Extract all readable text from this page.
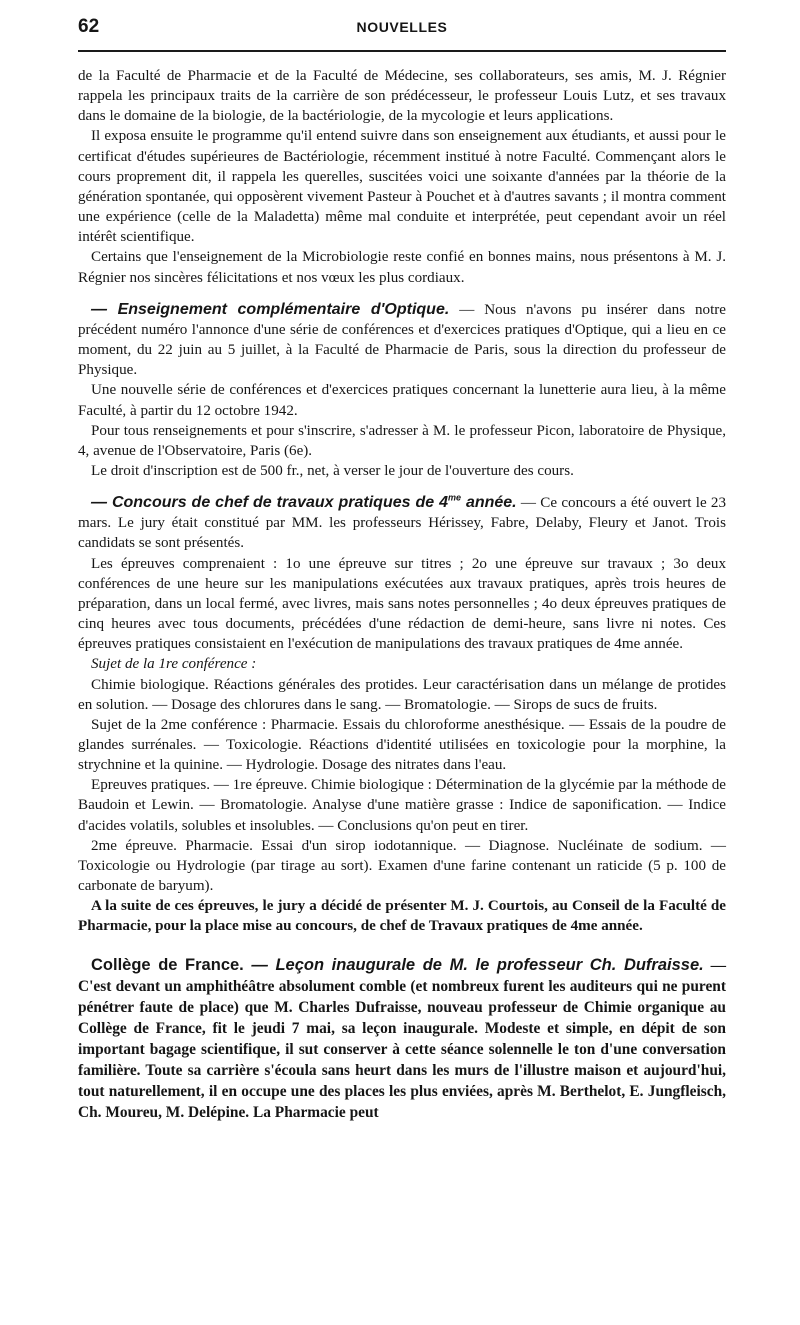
62	NOUVELLES

de la Faculté de Pharmacie et de la Faculté de Médecine, ses collaborateurs, ses amis, M. J. Régnier rappela les principaux traits de la carrière de son prédécesseur, le professeur Louis Lutz, et ses travaux dans le domaine de la biologie, de la bactériologie, de la mycologie et leurs applications.

Il exposa ensuite le programme qu'il entend suivre dans son enseignement aux étudiants, et aussi pour le certificat d'études supérieures de Bactériologie, récemment institué à notre Faculté. Commençant alors le cours proprement dit, il rappela les querelles, suscitées voici une soixante d'années par la théorie de la génération spontanée, qui opposèrent vivement Pasteur à Pouchet et à d'autres savants ; il montra comment une expérience (celle de la Maladetta) même mal conduite et interprétée, peut cependant avoir un réel intérêt scientifique.

Certains que l'enseignement de la Microbiologie reste confié en bonnes mains, nous présentons à M. J. Régnier nos sincères félicitations et nos vœux les plus cordiaux.

— Enseignement complémentaire d'Optique. — Nous n'avons pu insérer dans notre précédent numéro l'annonce d'une série de conférences et d'exercices pratiques d'Optique, qui a lieu en ce moment, du 22 juin au 5 juillet, à la Faculté de Pharmacie de Paris, sous la direction du professeur de Physique.

Une nouvelle série de conférences et d'exercices pratiques concernant la lunetterie aura lieu, à la même Faculté, à partir du 12 octobre 1942.

Pour tous renseignements et pour s'inscrire, s'adresser à M. le professeur Picon, laboratoire de Physique, 4, avenue de l'Observatoire, Paris (6e).

Le droit d'inscription est de 500 fr., net, à verser le jour de l'ouverture des cours.

— Concours de chef de travaux pratiques de $4^{me}$ année. — Ce concours a été ouvert le 23 mars. Le jury était constitué par MM. les professeurs Hérissey, Fabre, Delaby, Fleury et Janot. Trois candidats se sont présentés.

Les épreuves comprenaient : 1o une épreuve sur titres ; 2o une épreuve sur travaux ; 3o deux conférences de une heure sur les manipulations exécutées aux travaux pratiques, après trois heures de préparation, dans un local fermé, avec livres, mais sans notes personnelles ; 4o deux épreuves pratiques de cinq heures avec tous documents, précédées d'une rédaction de demi-heure, sans livre ni notes. Ces épreuves pratiques consistaient en l'exécution de manipulations des travaux pratiques de 4me année.

Sujet de la 1re conférence :

Chimie biologique. Réactions générales des protides. Leur caractérisation dans un mélange de protides en solution. — Dosage des chlorures dans le sang. — Bromatologie. — Sirops de sucs de fruits.

Sujet de la 2me conférence : Pharmacie. Essais du chloroforme anesthésique. — Essais de la poudre de glandes surrénales. — Toxicologie. Réactions d'identité utilisées en toxicologie pour la morphine, la strychnine et la quinine. — Hydrologie. Dosage des nitrates dans l'eau.

Epreuves pratiques. — 1re épreuve. Chimie biologique : Détermination de la glycémie par la méthode de Baudoin et Lewin. — Bromatologie. Analyse d'une matière grasse : Indice de saponification. — Indice d'acides volatils, solubles et insolubles. — Conclusions qu'on peut en tirer.

2me épreuve. Pharmacie. Essai d'un sirop iodotannique. — Diagnose. Nucléinate de sodium. — Toxicologie ou Hydrologie (par tirage au sort). Examen d'une farine contenant un raticide (5 p. 100 de carbonate de baryum).

A la suite de ces épreuves, le jury a décidé de présenter M. J. Courtois, au Conseil de la Faculté de Pharmacie, pour la place mise au concours, de chef de Travaux pratiques de 4me année.

Collège de France. — Leçon inaugurale de M. le professeur Ch. Dufraisse. — C'est devant un amphithéâtre absolument comble (et nombreux furent les auditeurs qui ne purent pénétrer faute de place) que M. Charles Dufraisse, nouveau professeur de Chimie organique au Collège de France, fit le jeudi 7 mai, sa leçon inaugurale. Modeste et simple, en dépit de son important bagage scientifique, il sut conserver à cette séance solennelle le ton d'une conversation familière. Toute sa carrière s'écoula sans heurt dans les murs de l'illustre maison et aujourd'hui, tout naturellement, il en occupe une des places les plus enviées, après M. Berthelot, E. Jungfleisch, Ch. Moureu, M. Delépine. La Pharmacie peut
